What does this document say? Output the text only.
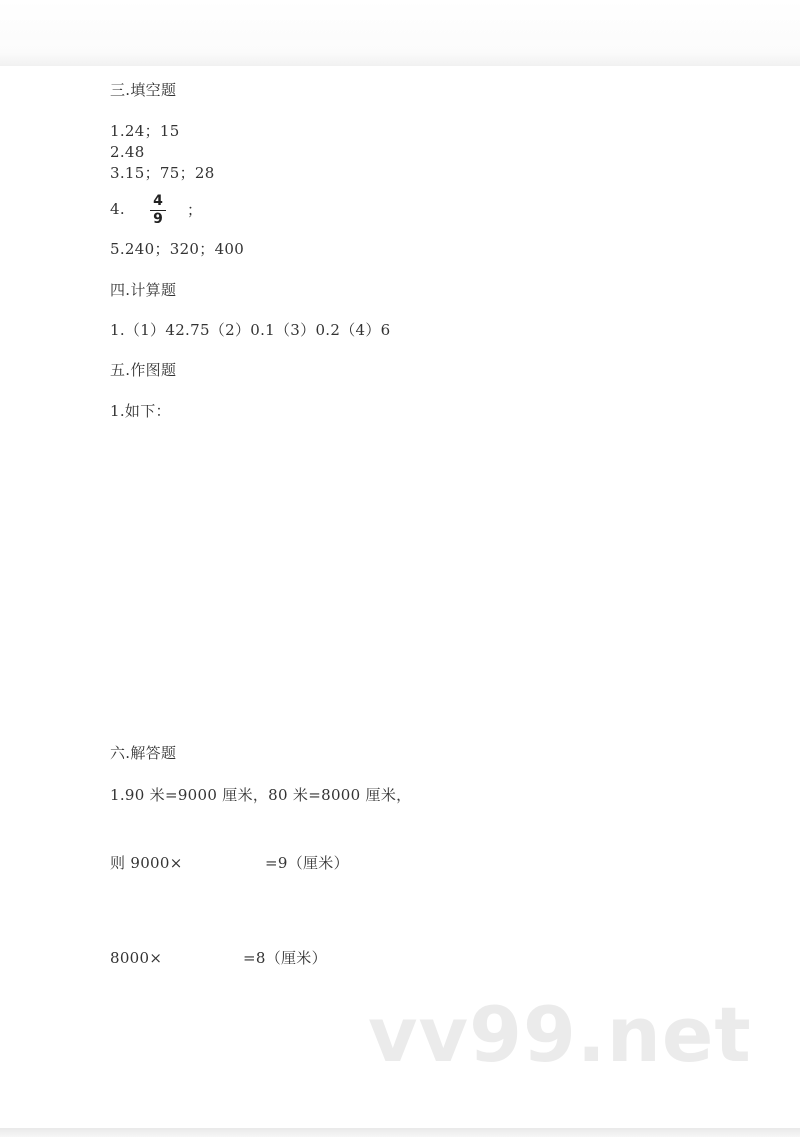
三.填空题
1.24；15
2.48
3.15；75；28
4. 4
9 ；
5.240；320；400
四.计算题
1.（1）42.75（2）0.1（3）0.2（4）6
五.作图题
1.如下：
六.解答题
1.90 米=9000 厘米，80 米=8000 厘米，
则 9000×	=9（厘米）
8000×	=8（厘米）
vv99.net
